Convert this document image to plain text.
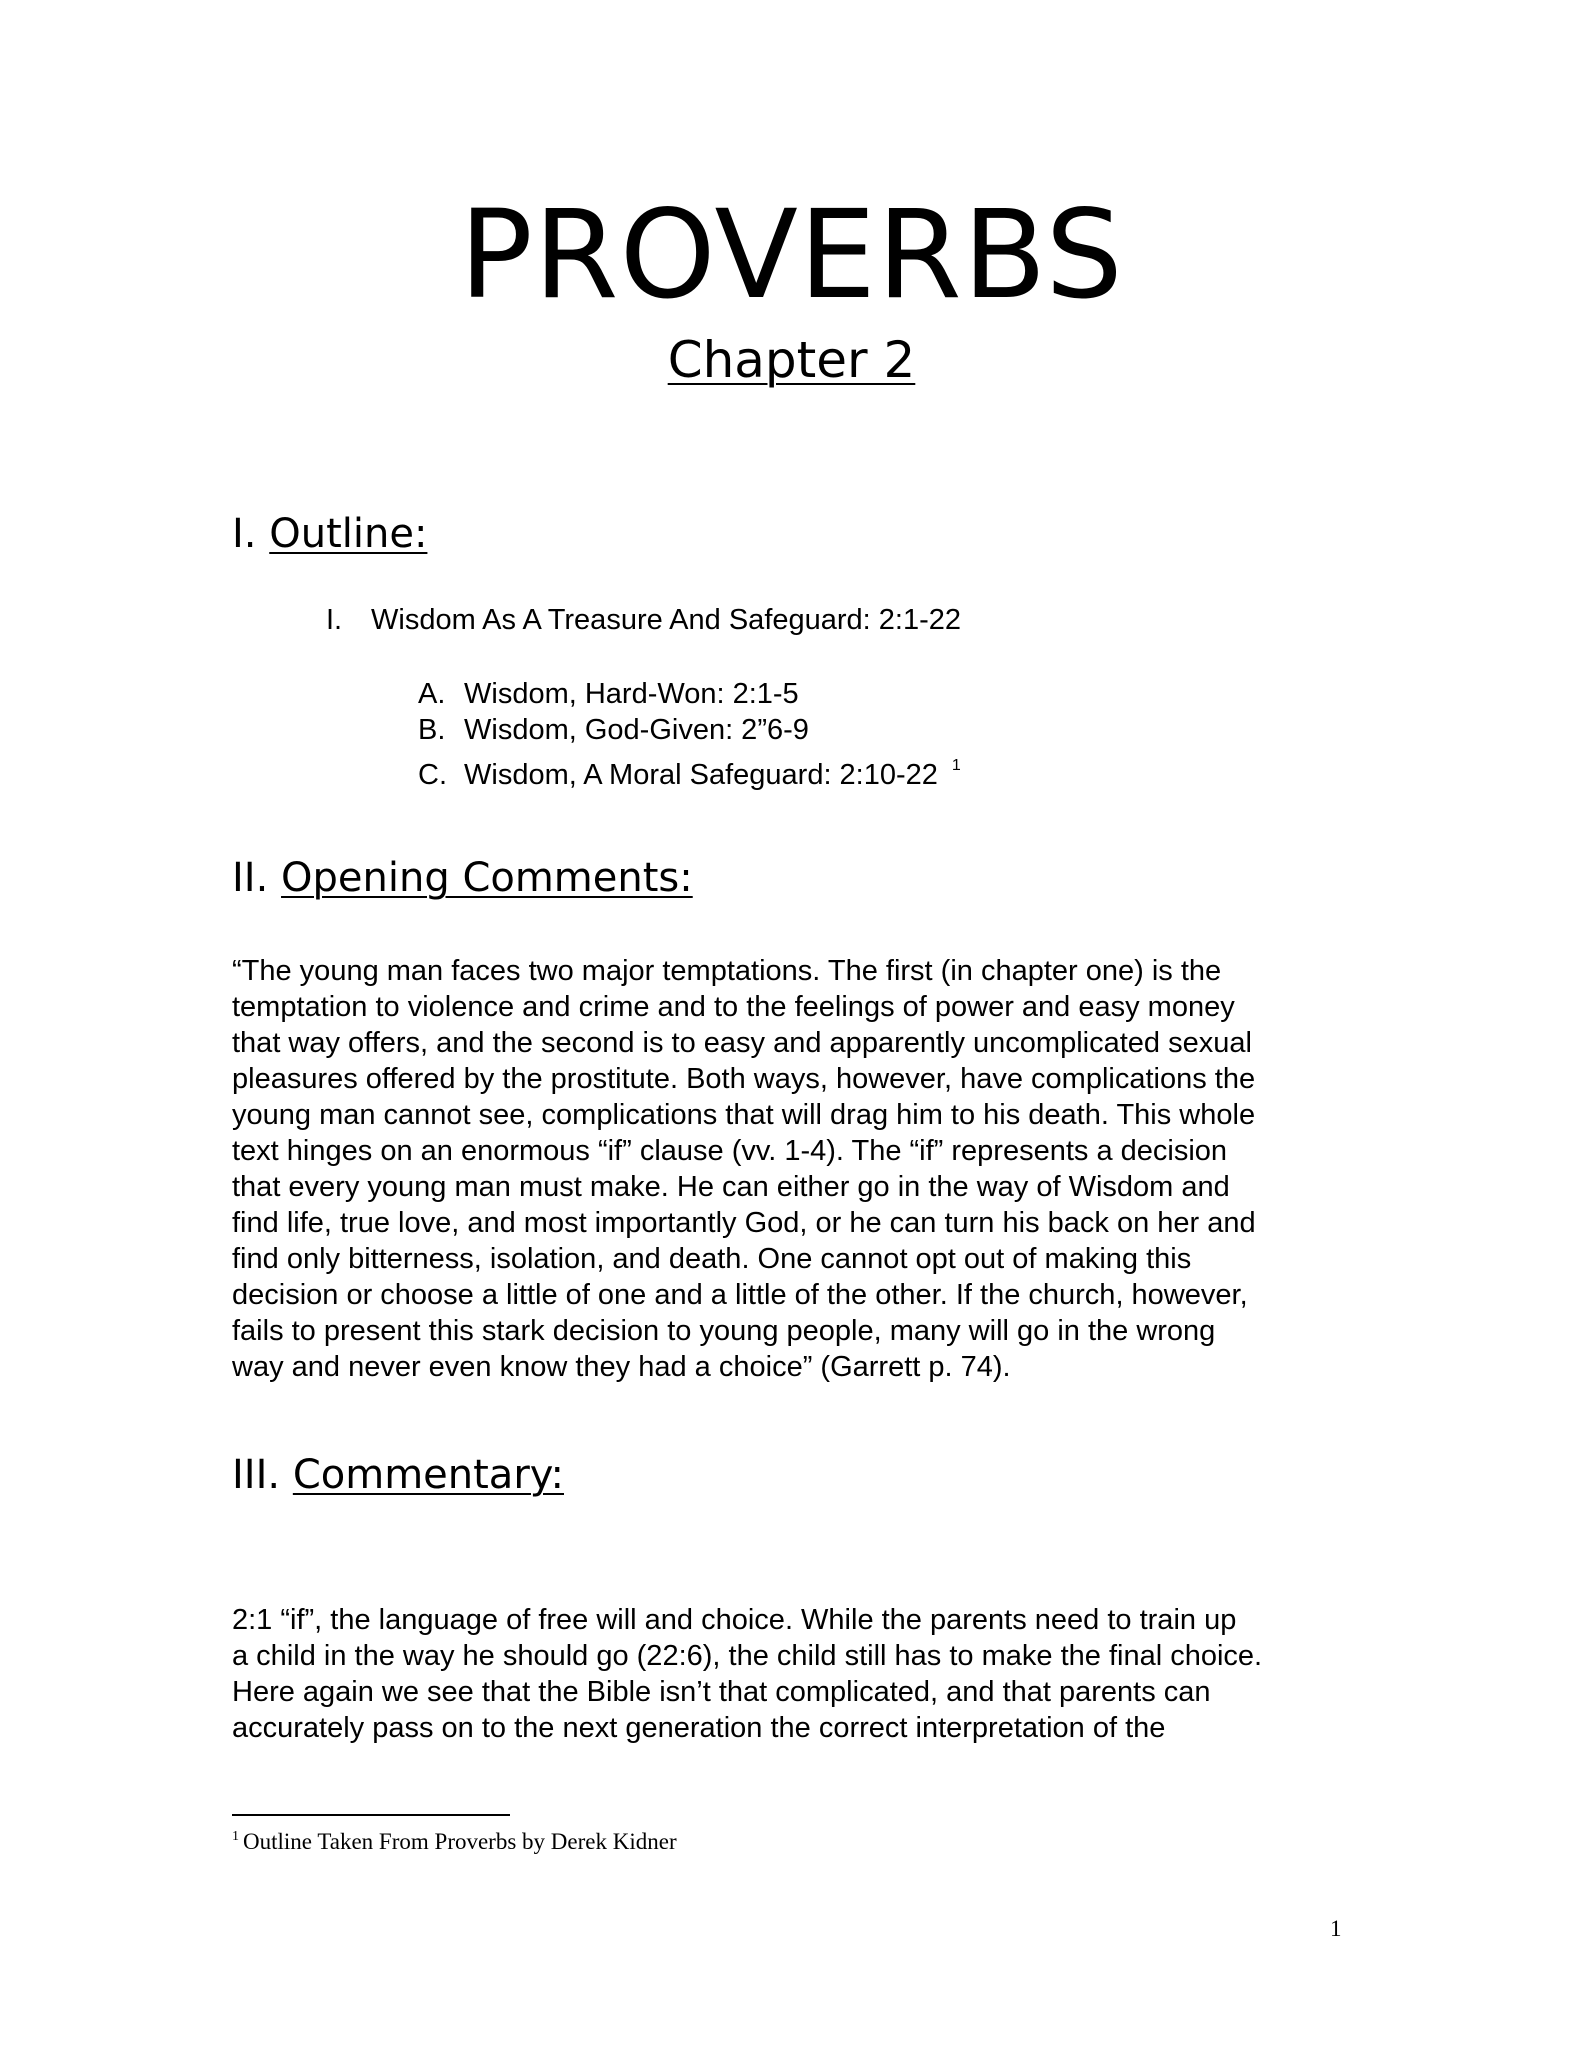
PROVERBS
Chapter 2
I. Outline:
I. Wisdom As A Treasure And Safeguard: 2:1-22
A. Wisdom, Hard-Won: 2:1-5
B. Wisdom, God-Given: 2”6-9
C. Wisdom, A Moral Safeguard: 2:10-22 $^1$
II. Opening Comments:

“The young man faces two major temptations. The first (in chapter one) is the
temptation to violence and crime and to the feelings of power and easy money
that way offers, and the second is to easy and apparently uncomplicated sexual
pleasures offered by the prostitute. Both ways, however, have complications the
young man cannot see, complications that will drag him to his death. This whole
text hinges on an enormous “if” clause (vv. 1-4). The “if” represents a decision
that every young man must make. He can either go in the way of Wisdom and
find life, true love, and most importantly God, or he can turn his back on her and
find only bitterness, isolation, and death. One cannot opt out of making this
decision or choose a little of one and a little of the other. If the church, however,
fails to present this stark decision to young people, many will go in the wrong
way and never even know they had a choice” (Garrett p. 74).

III. Commentary:

2:1 “if”, the language of free will and choice. While the parents need to train up
a child in the way he should go (22:6), the child still has to make the final choice.
Here again we see that the Bible isn’t that complicated, and that parents can
accurately pass on to the next generation the correct interpretation of the

$^1$ Outline Taken From Proverbs by Derek Kidner
1
